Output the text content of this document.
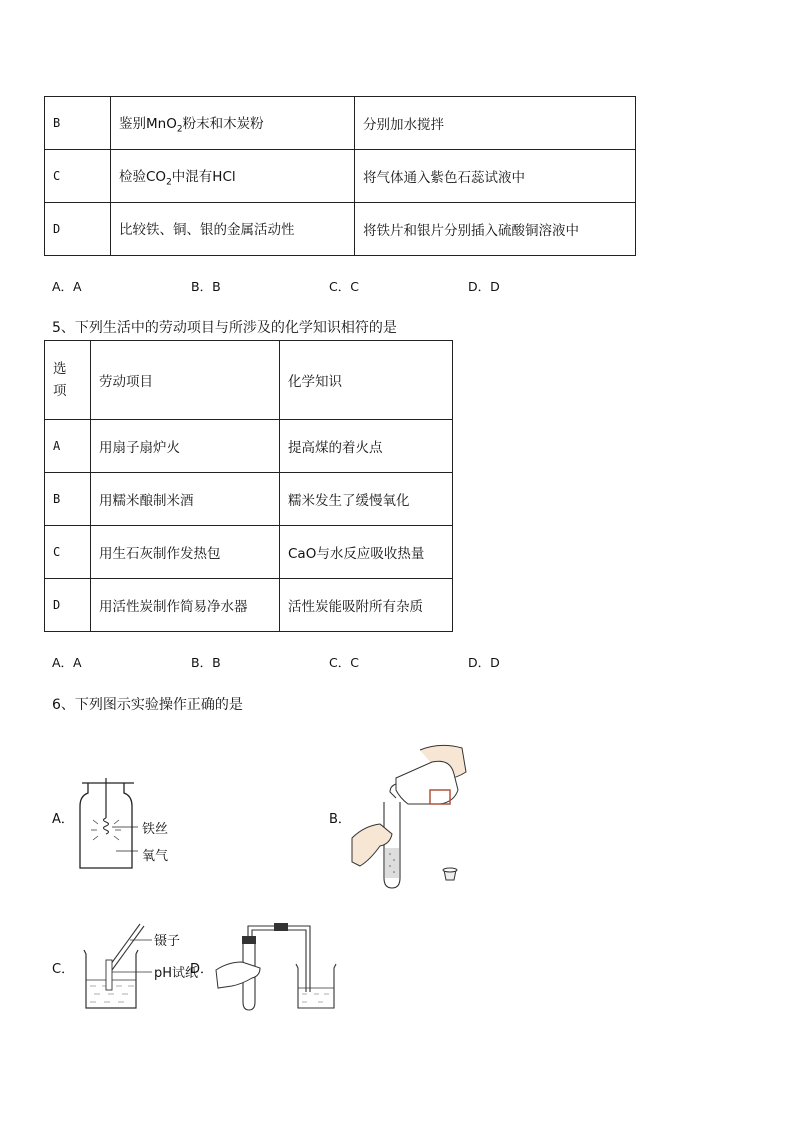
B	鉴别MnO$_2$粉末和木炭粉	分别加水搅拌
C	检验$CO_2$中混有HCl	将气体通入紫色石蕊试液中
D	比较铁、铜、银的金属活动性	将铁片和银片分别插入硫酸铜溶液中
A．A	B．B	C．C	D．D
5、下列生活中的劳动项目与所涉及的化学知识相符的是
选
项	劳动项目	化学知识
A	用扇子扇炉火	提高煤的着火点
B	用糯米酿制米酒	糯米发生了缓慢氧化
C	用生石灰制作发热包	CaO与水反应吸收热量
D	用活性炭制作简易净水器	活性炭能吸附所有杂质
A．A	B．B	C．C	D．D
6、下列图示实验操作正确的是
A．
铁丝
氧气
B．
C．
镊子
pH试纸
D．
